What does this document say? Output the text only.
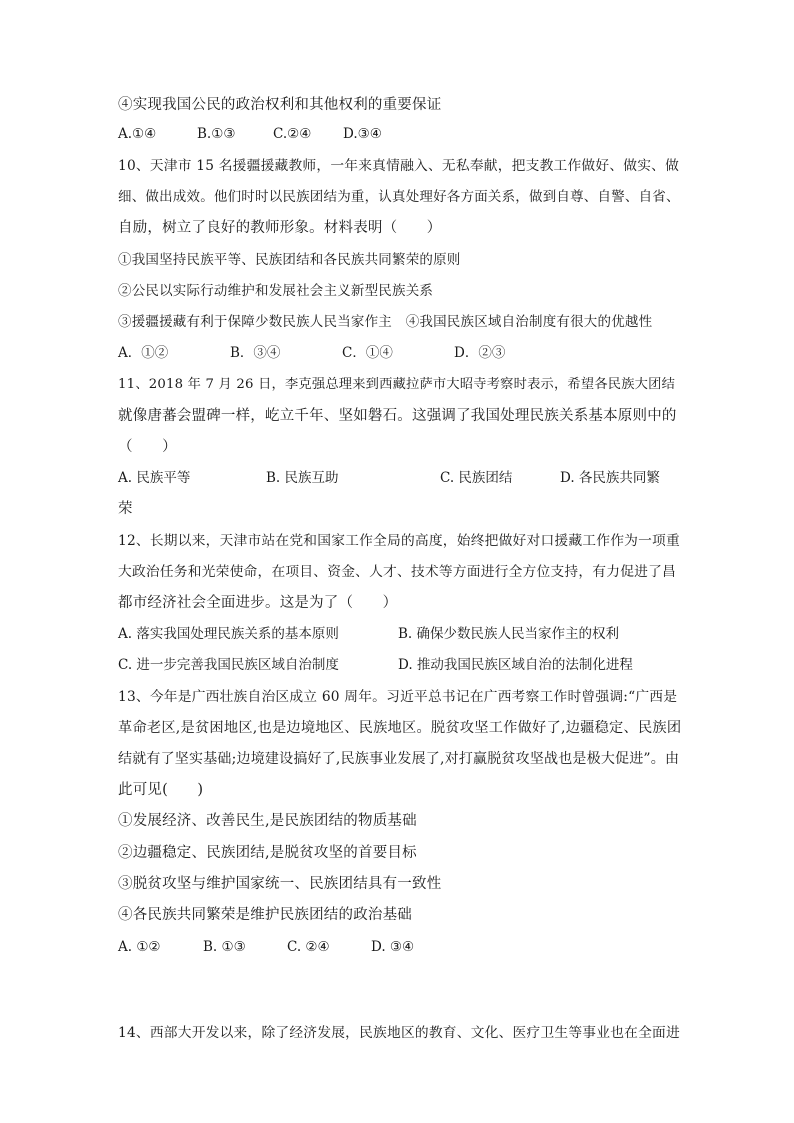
④实现我国公民的政治权利和其他权利的重要保证
A.①④	B.①③	C.②④ D.③④
10、天津市 15 名援疆援藏教师，一年来真情融入、无私奉献，把支教工作做好、做实、做
细、做出成效。他们时时以民族团结为重，认真处理好各方面关系，做到自尊、自警、自省、
自励，树立了良好的教师形象。材料表明（　　）
①我国坚持民族平等、民族团结和各民族共同繁荣的原则
②公民以实际行动维护和发展社会主义新型民族关系
③援疆援藏有利于保障少数民族人民当家作主　④我国民族区域自治制度有很大的优越性
A．①②	B．③④	C．①④	D．②③
11、2018 年 7 月 26 日，李克强总理来到西藏拉萨市大昭寺考察时表示，希望各民族大团结
就像唐蕃会盟碑一样，屹立千年、坚如磐石。这强调了我国处理民族关系基本原则中的
（　　）
A. 民族平等	B. 民族互助	C. 民族团结	D. 各民族共同繁
荣
12、长期以来，天津市站在党和国家工作全局的高度，始终把做好对口援藏工作作为一项重
大政治任务和光荣使命，在项目、资金、人才、技术等方面进行全方位支持，有力促进了昌
都市经济社会全面进步。这是为了（　　）
A. 落实我国处理民族关系的基本原则	B. 确保少数民族人民当家作主的权利
C. 进一步完善我国民族区域自治制度	D. 推动我国民族区域自治的法制化进程
13、今年是广西壮族自治区成立 60 周年。习近平总书记在广西考察工作时曾强调:“广西是
革命老区,是贫困地区,也是边境地区、民族地区。脱贫攻坚工作做好了,边疆稳定、民族团
结就有了坚实基础;边境建设搞好了,民族事业发展了,对打赢脱贫攻坚战也是极大促进”。由
此可见(　　)
①发展经济、改善民生,是民族团结的物质基础
②边疆稳定、民族团结,是脱贫攻坚的首要目标
③脱贫攻坚与维护国家统一、民族团结具有一致性
④各民族共同繁荣是维护民族团结的政治基础
A. ①②	B. ①③	C. ②④	D. ③④
14、西部大开发以来，除了经济发展，民族地区的教育、文化、医疗卫生等事业也在全面进
